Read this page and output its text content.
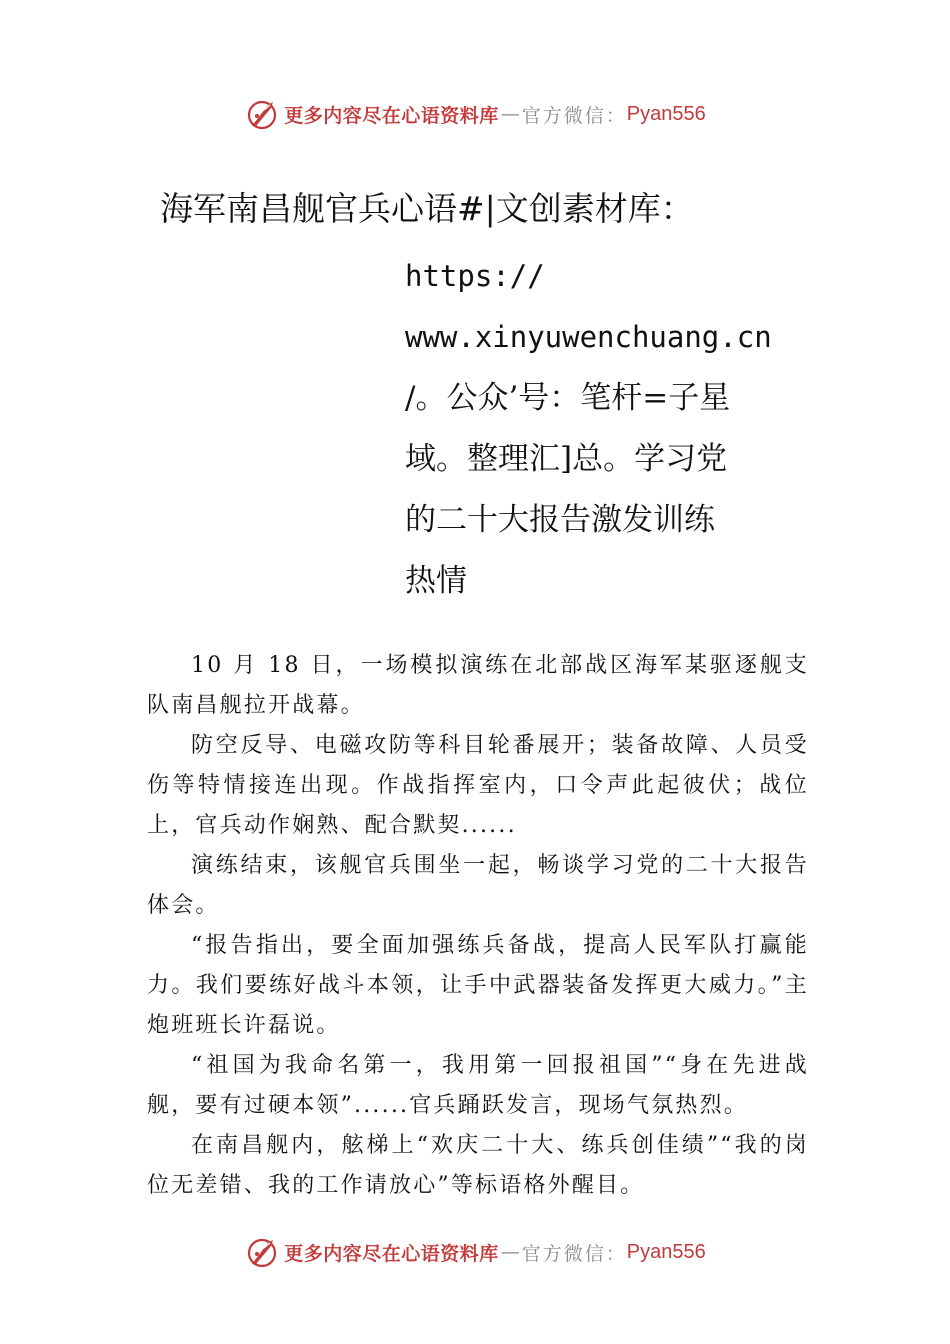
更多内容尽在心语资料库 — 官方微信： Pyan556
海军南昌舰官兵心语#|文创素材库：
https://
www.xinyuwenchuang.cn
/。公众’号：笔杆=子星
域。整理汇]总。学习党
的二十大报告激发训练
热情

10 月 18 日，一场模拟演练在北部战区海军某驱逐舰支队南昌舰拉开战幕。

防空反导、电磁攻防等科目轮番展开；装备故障、人员受伤等特情接连出现。作战指挥室内，口令声此起彼伏；战位上，官兵动作娴熟、配合默契......

演练结束，该舰官兵围坐一起，畅谈学习党的二十大报告体会。

“报告指出，要全面加强练兵备战，提高人民军队打赢能力。我们要练好战斗本领，让手中武器装备发挥更大威力。”主炮班班长许磊说。

“祖国为我命名第一，我用第一回报祖国”“身在先进战舰，要有过硬本领”......官兵踊跃发言，现场气氛热烈。

在南昌舰内，舷梯上“欢庆二十大、练兵创佳绩”“我的岗位无差错、我的工作请放心”等标语格外醒目。

更多内容尽在心语资料库 — 官方微信： Pyan556
